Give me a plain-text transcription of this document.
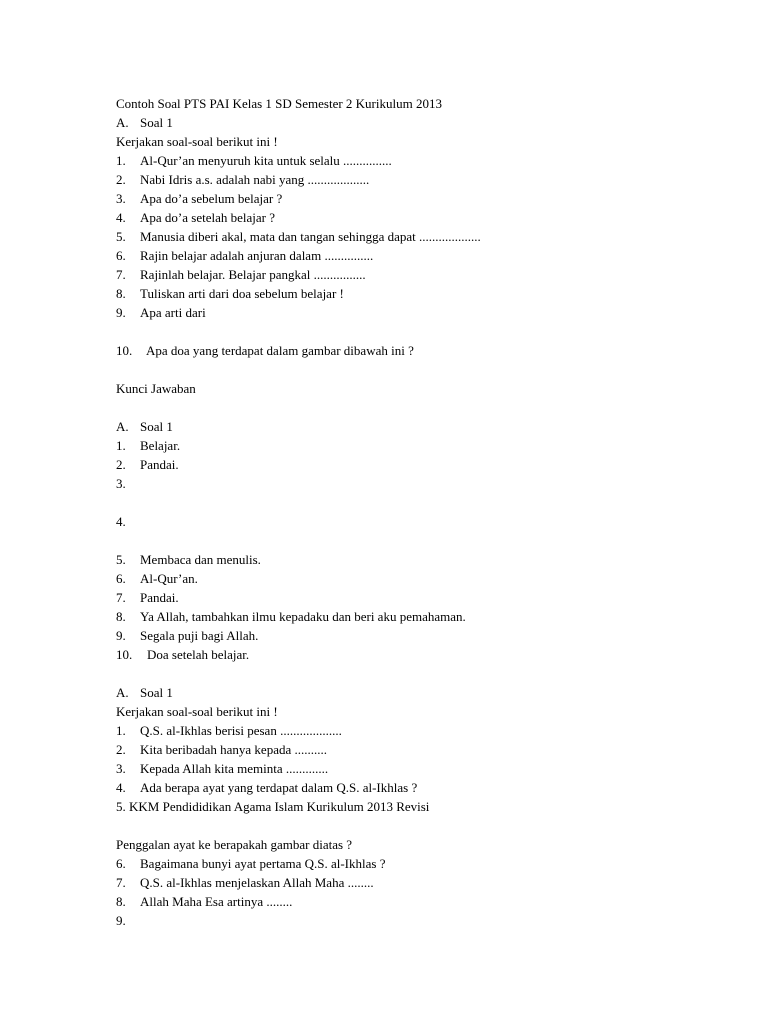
Contoh Soal PTS PAI Kelas 1 SD Semester 2 Kurikulum 2013
A. Soal 1
Kerjakan soal-soal berikut ini !
1. Al-Qur’an menyuruh kita untuk selalu ...............
2. Nabi Idris a.s. adalah nabi yang ...................
3. Apa do’a sebelum belajar ?
4. Apa do’a setelah belajar ?
5. Manusia diberi akal, mata dan tangan sehingga dapat ...................
6. Rajin belajar adalah anjuran dalam ...............
7. Rajinlah belajar. Belajar pangkal ................
8. Tuliskan arti dari doa sebelum belajar !
9. Apa arti dari
10. Apa doa yang terdapat dalam gambar dibawah ini ?
Kunci Jawaban
A. Soal 1
1. Belajar.
2. Pandai.
3.
4.
5. Membaca dan menulis.
6. Al-Qur’an.
7. Pandai.
8. Ya Allah, tambahkan ilmu kepadaku dan beri aku pemahaman.
9. Segala puji bagi Allah.
10. Doa setelah belajar.
A. Soal 1
Kerjakan soal-soal berikut ini !
1. Q.S. al-Ikhlas berisi pesan ...................
2. Kita beribadah hanya kepada ..........
3. Kepada Allah kita meminta .............
4. Ada berapa ayat yang terdapat dalam Q.S. al-Ikhlas ?
5. KKM Pendididikan Agama Islam Kurikulum 2013 Revisi
Penggalan ayat ke berapakah gambar diatas ?
6. Bagaimana bunyi ayat pertama Q.S. al-Ikhlas ?
7. Q.S. al-Ikhlas menjelaskan Allah Maha ........
8. Allah Maha Esa artinya ........
9.
